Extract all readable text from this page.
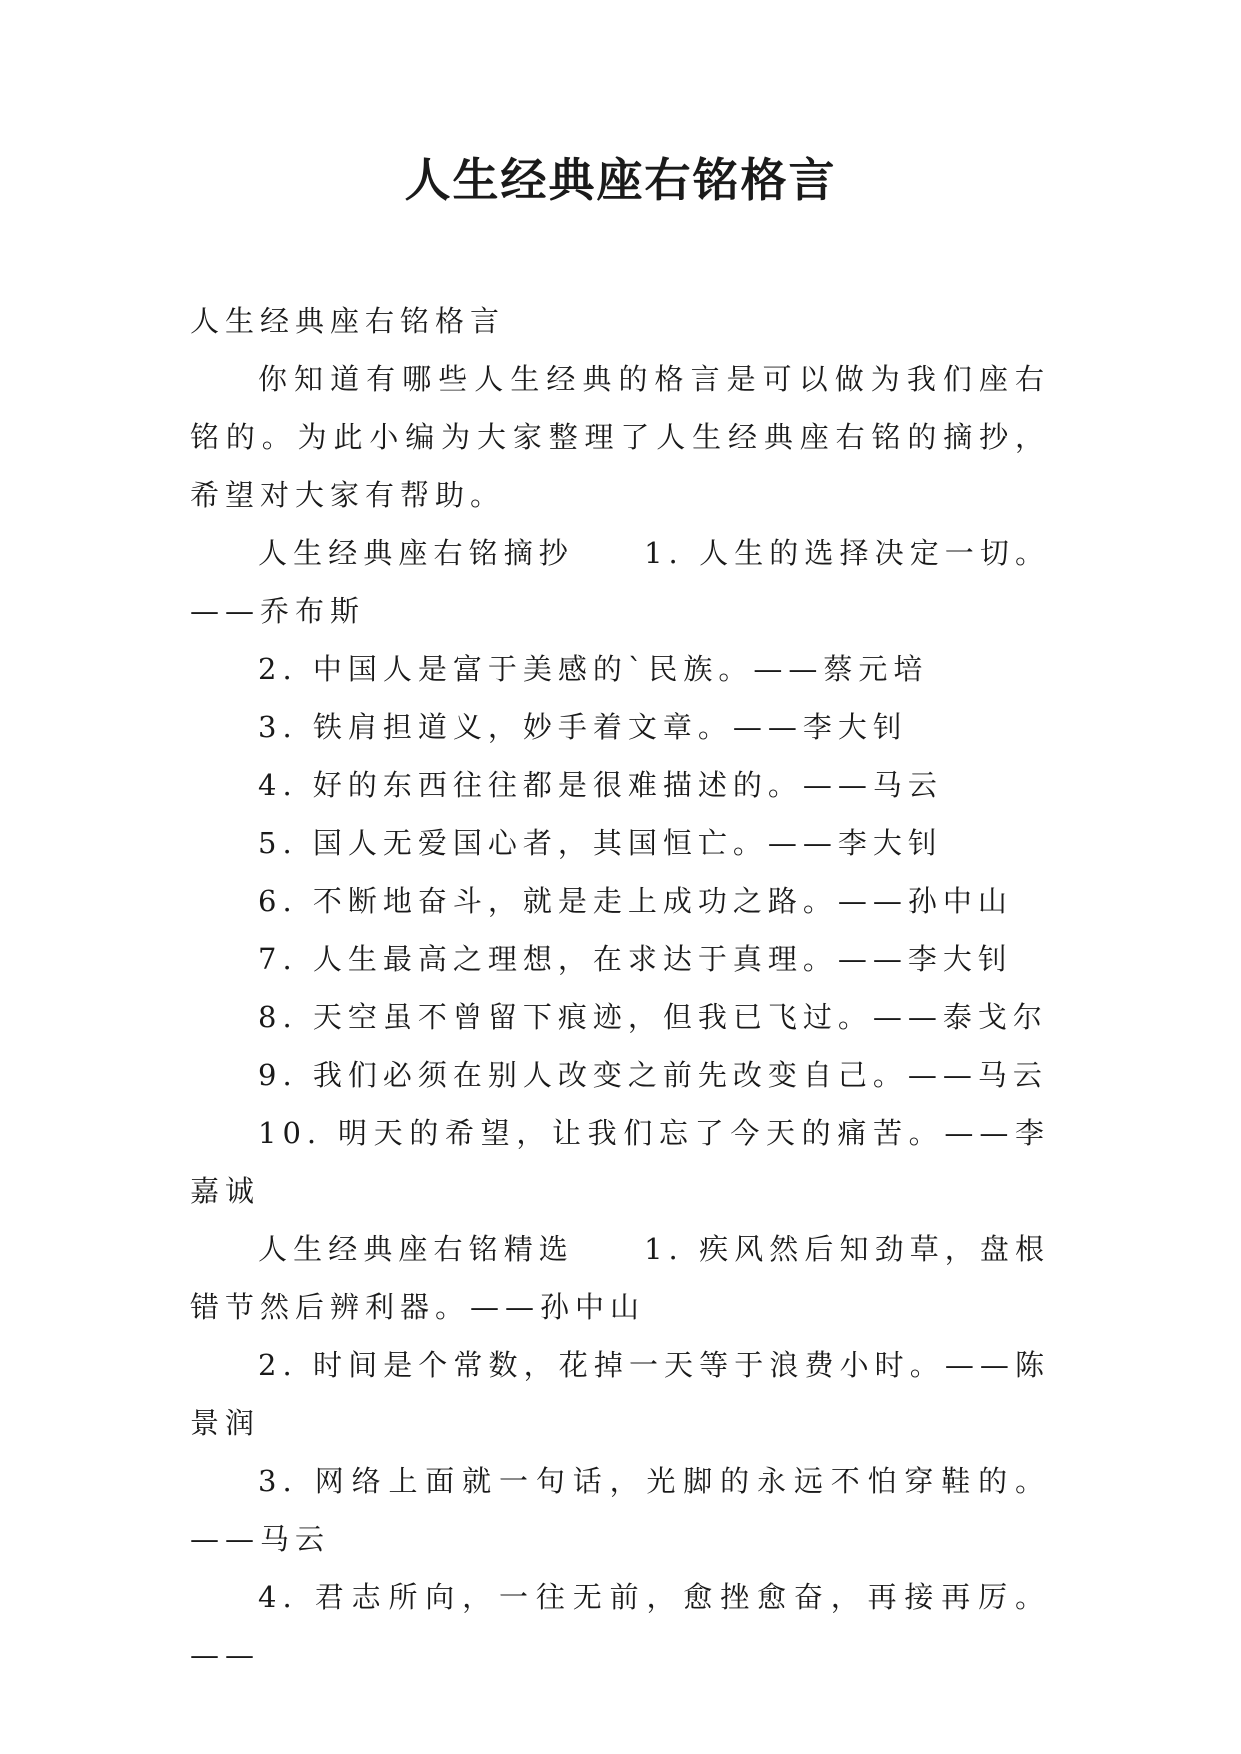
人生经典座右铭格言

人生经典座右铭格言

你知道有哪些人生经典的格言是可以做为我们座右铭的。为此小编为大家整理了人生经典座右铭的摘抄，希望对大家有帮助。

人生经典座右铭摘抄　　1. 人生的选择决定一切。——乔布斯

2. 中国人是富于美感的`民族。——蔡元培

3. 铁肩担道义，妙手着文章。——李大钊

4. 好的东西往往都是很难描述的。——马云

5. 国人无爱国心者，其国恒亡。——李大钊

6. 不断地奋斗，就是走上成功之路。——孙中山

7. 人生最高之理想，在求达于真理。——李大钊

8. 天空虽不曾留下痕迹，但我已飞过。——泰戈尔

9. 我们必须在别人改变之前先改变自己。——马云

10. 明天的希望，让我们忘了今天的痛苦。——李嘉诚

人生经典座右铭精选　　1. 疾风然后知劲草，盘根错节然后辨利器。——孙中山

2. 时间是个常数，花掉一天等于浪费小时。——陈景润

3. 网络上面就一句话，光脚的永远不怕穿鞋的。——马云

4. 君志所向，一往无前，愈挫愈奋，再接再厉。——
